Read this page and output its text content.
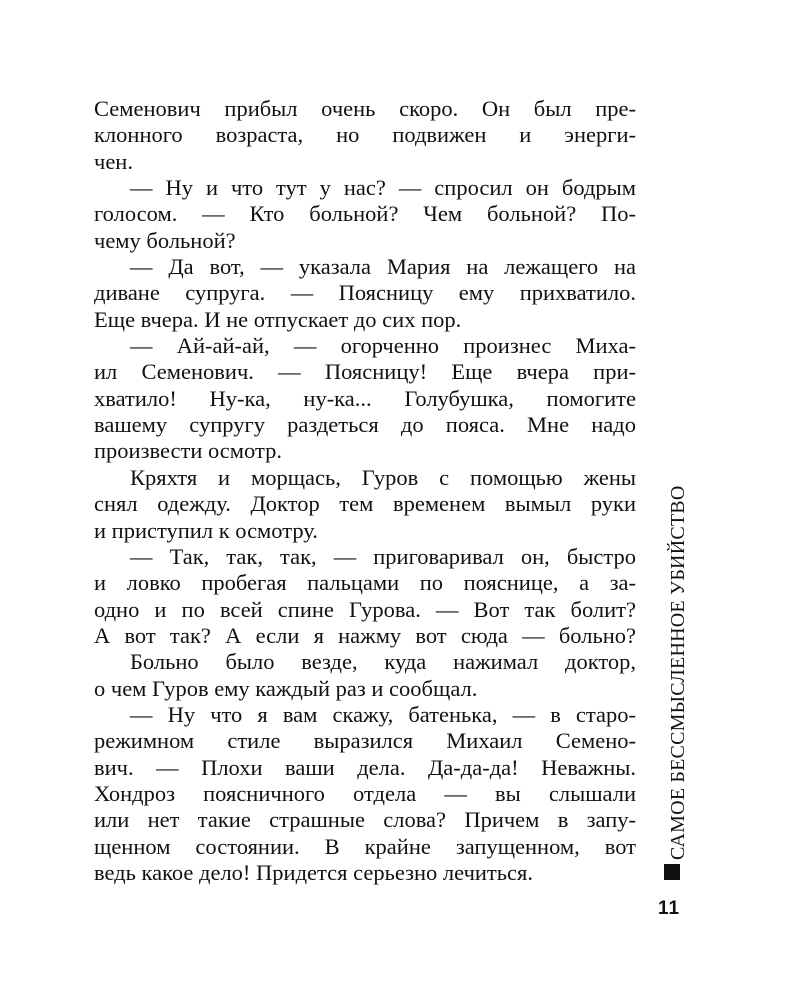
Семенович прибыл очень скоро. Он был пре-
клонного возраста, но подвижен и энерги-
чен.
— Ну и что тут у нас? — спросил он бодрым
голосом. — Кто больной? Чем больной? По-
чему больной?
— Да вот, — указала Мария на лежащего на
диване супруга. — Поясницу ему прихватило.
Еще вчера. И не отпускает до сих пор.
— Ай-ай-ай, — огорченно произнес Миха-
ил Семенович. — Поясницу! Еще вчера при-
хватило! Ну-ка, ну-ка... Голубушка, помогите
вашему супругу раздеться до пояса. Мне надо
произвести осмотр.
Кряхтя и морщась, Гуров с помощью жены
снял одежду. Доктор тем временем вымыл руки
и приступил к осмотру.
— Так, так, так, — приговаривал он, быстро
и ловко пробегая пальцами по пояснице, а за-
одно и по всей спине Гурова. — Вот так болит?
А вот так? А если я нажму вот сюда — больно?
Больно было везде, куда нажимал доктор,
о чем Гуров ему каждый раз и сообщал.
— Ну что я вам скажу, батенька, — в старо-
режимном стиле выразился Михаил Семено-
вич. — Плохи ваши дела. Да-да-да! Неважны.
Хондроз поясничного отдела — вы слышали
или нет такие страшные слова? Причем в запу-
щенном состоянии. В крайне запущенном, вот
ведь какое дело! Придется серьезно лечиться.
САМОЕ БЕССМЫСЛЕННОЕ УБИЙСТВО
11
